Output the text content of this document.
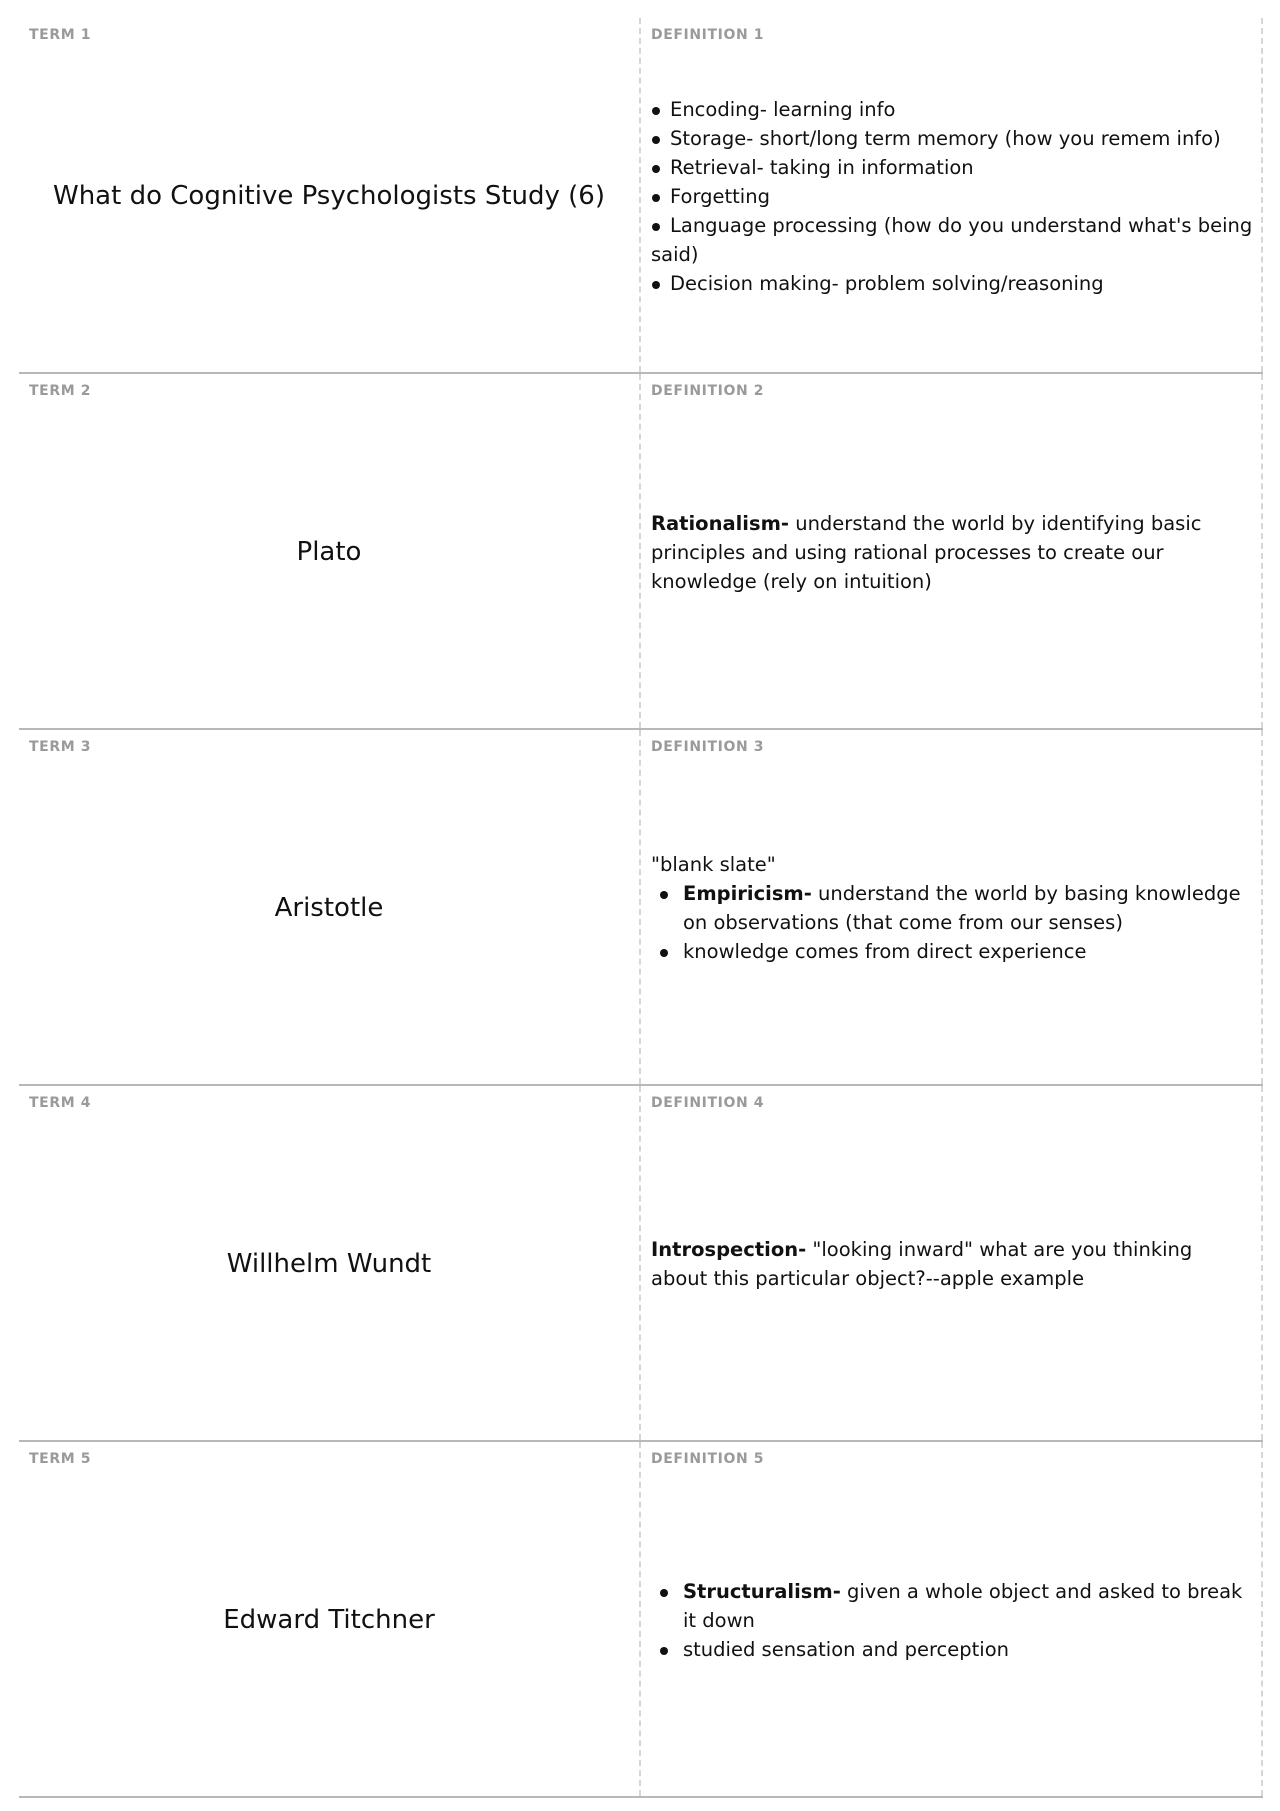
TERM 1
What do Cognitive Psychologists Study (6)
DEFINITION 1
Encoding- learning info
Storage- short/long term memory (how you remem info)
Retrieval- taking in information
Forgetting
Language processing (how do you understand what's being said)
Decision making- problem solving/reasoning
TERM 2
Plato
DEFINITION 2

Rationalism- understand the world by identifying basic principles and using rational processes to create our knowledge (rely on intuition)

TERM 3
Aristotle
DEFINITION 3

"blank slate"

Empiricism- understand the world by basing knowledge on observations (that come from our senses)
knowledge comes from direct experience
TERM 4
Willhelm Wundt
DEFINITION 4

Introspection- "looking inward" what are you thinking about this particular object?--apple example

TERM 5
Edward Titchner
DEFINITION 5
Structuralism- given a whole object and asked to break it down
studied sensation and perception
